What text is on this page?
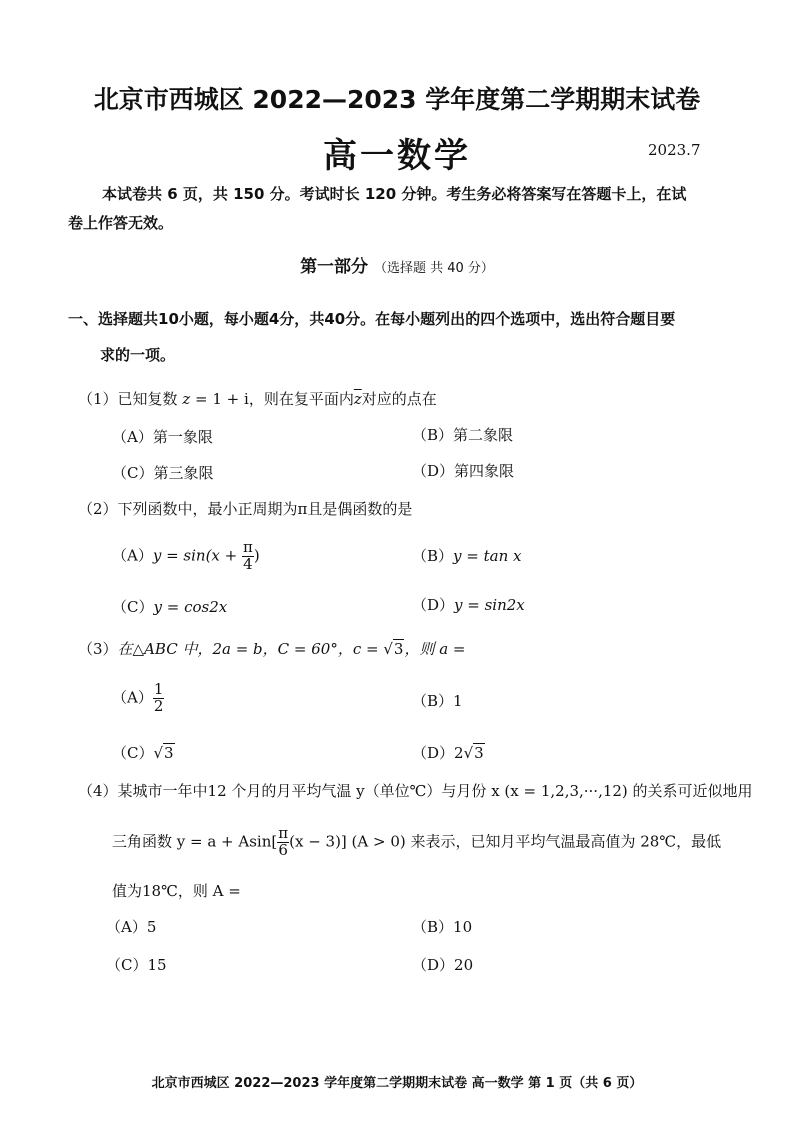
北京市西城区 2022—2023 学年度第二学期期末试卷
高一数学	2023.7
本试卷共 6 页，共 150 分。考试时长 120 分钟。考生务必将答案写在答题卡上，在试
卷上作答无效。
第一部分 （选择题 共 40 分）
一、选择题共10小题，每小题4分，共40分。在每小题列出的四个选项中，选出符合题目要
求的一项。
（1）已知复数 z = 1 + i，则在复平面内$\overline{z}$对应的点在
（A）第一象限	（B）第二象限
（C）第三象限	（D）第四象限
（2）下列函数中，最小正周期为π且是偶函数的是
$(A)y = \sin(x + \frac{\pi}{4}$ )	（B）y = tan x
（C）y = cos2x	（D）y = sin2x
（3）在△ABC 中，2a = b，C = 60°，c = √3，则 a =
$(A) \frac{1}{2}$	（B）1
（C）√3	（D）2√3
（4）某城市一年中12 个月的月平均气温 y（单位℃）与月份 x (x = 1,2,3,···,12) 的关系可近似地用
三角函数 $y = a + Asin[ \frac{\pi}{6} (x - 3)]$ (A > 0) 来表示，已知月平均气温最高值为 28℃，最低
值为18℃，则 A =
（A）5	（B）10
（C）15	（D）20
北京市西城区 2022—2023 学年度第二学期期末试卷 高一数学 第 1 页（共 6 页）
